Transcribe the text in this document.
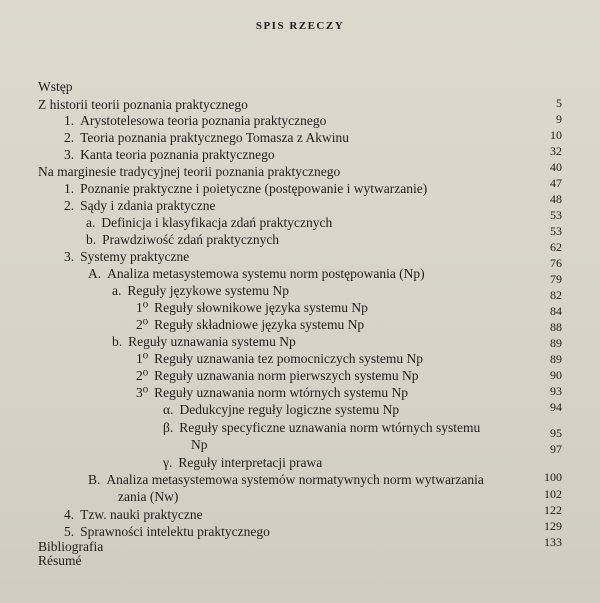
SPIS RZECZY
Wstęp
Z historii teorii poznania praktycznego
1. Arystotelesowa teoria poznania praktycznego
2. Teoria poznania praktycznego Tomasza z Akwinu
3. Kanta teoria poznania praktycznego
Na marginesie tradycyjnej teorii poznania praktycznego
1. Poznanie praktyczne i poietyczne (postępowanie i wytwarzanie)
2. Sądy i zdania praktyczne
a. Definicja i klasyfikacja zdań praktycznych
b. Prawdziwość zdań praktycznych
3. Systemy praktyczne
A. Analiza metasystemowa systemu norm postępowania (Np)
a. Reguły językowe systemu Np
1⁰ Reguły słownikowe języka systemu Np
2⁰ Reguły składniowe języka systemu Np
b. Reguły uznawania systemu Np
1⁰ Reguły uznawania tez pomocniczych systemu Np
2⁰ Reguły uznawania norm pierwszych systemu Np
3⁰ Reguły uznawania norm wtórnych systemu Np
α. Dedukcyjne reguły logiczne systemu Np
β. Reguły specyficzne uznawania norm wtórnych systemu
Np
γ. Reguły interpretacji prawa
B. Analiza metasystemowa systemów normatywnych norm wytwarzania
zania (Nw)
4. Tzw. nauki praktyczne
5. Sprawności intelektu praktycznego
Bibliografia
Résumé
5
9
10
32
40
47
48
53
53
62
76
79
82
84
88
89
89
90
93
94
95
97
100
102
122
129
133
